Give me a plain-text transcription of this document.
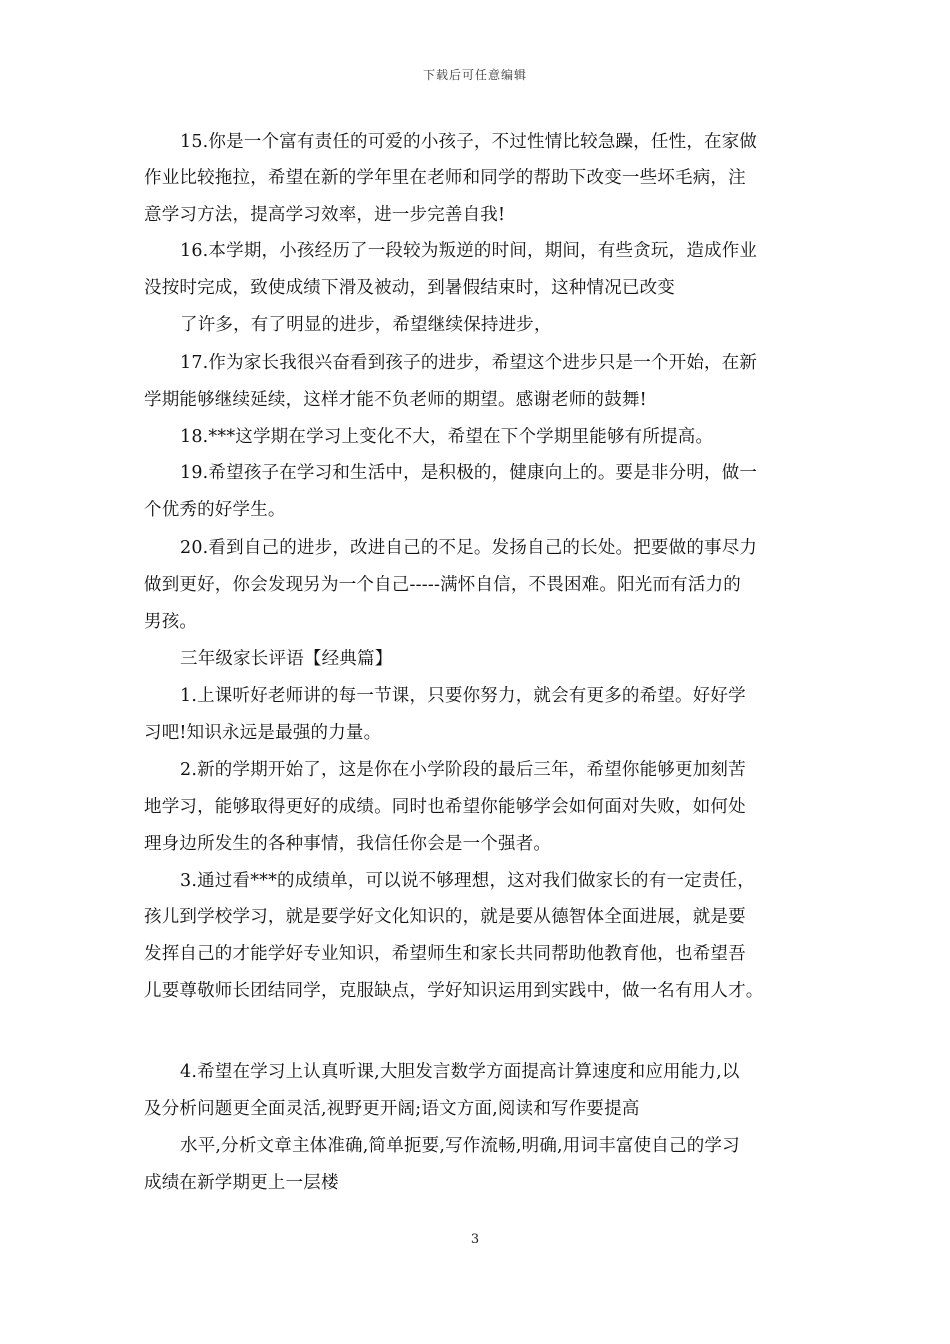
下载后可任意编辑
15.你是一个富有责任的可爱的小孩子，不过性情比较急躁，任性，在家做
作业比较拖拉，希望在新的学年里在老师和同学的帮助下改变一些坏毛病，注
意学习方法，提高学习效率，进一步完善自我!
16.本学期，小孩经历了一段较为叛逆的时间，期间，有些贪玩，造成作业
没按时完成，致使成绩下滑及被动，到暑假结束时，这种情况已改变
了许多，有了明显的进步，希望继续保持进步，
17.作为家长我很兴奋看到孩子的进步，希望这个进步只是一个开始，在新
学期能够继续延续，这样才能不负老师的期望。感谢老师的鼓舞!
18.***这学期在学习上变化不大，希望在下个学期里能够有所提高。
19.希望孩子在学习和生活中，是积极的，健康向上的。要是非分明，做一
个优秀的好学生。
20.看到自己的进步，改进自己的不足。发扬自己的长处。把要做的事尽力
做到更好，你会发现另为一个自己-----满怀自信，不畏困难。阳光而有活力的
男孩。
三年级家长评语【经典篇】
1.上课听好老师讲的每一节课，只要你努力，就会有更多的希望。好好学
习吧!知识永远是最强的力量。
2.新的学期开始了，这是你在小学阶段的最后三年，希望你能够更加刻苦
地学习，能够取得更好的成绩。同时也希望你能够学会如何面对失败，如何处
理身边所发生的各种事情，我信任你会是一个强者。
3.通过看***的成绩单，可以说不够理想，这对我们做家长的有一定责任，
孩儿到学校学习，就是要学好文化知识的，就是要从德智体全面进展，就是要
发挥自己的才能学好专业知识，希望师生和家长共同帮助他教育他，也希望吾
儿要尊敬师长团结同学，克服缺点，学好知识运用到实践中，做一名有用人才。
4.希望在学习上认真听课,大胆发言数学方面提高计算速度和应用能力,以
及分析问题更全面灵活,视野更开阔;语文方面,阅读和写作要提高
水平,分析文章主体准确,简单扼要,写作流畅,明确,用词丰富使自己的学习
成绩在新学期更上一层楼
3
